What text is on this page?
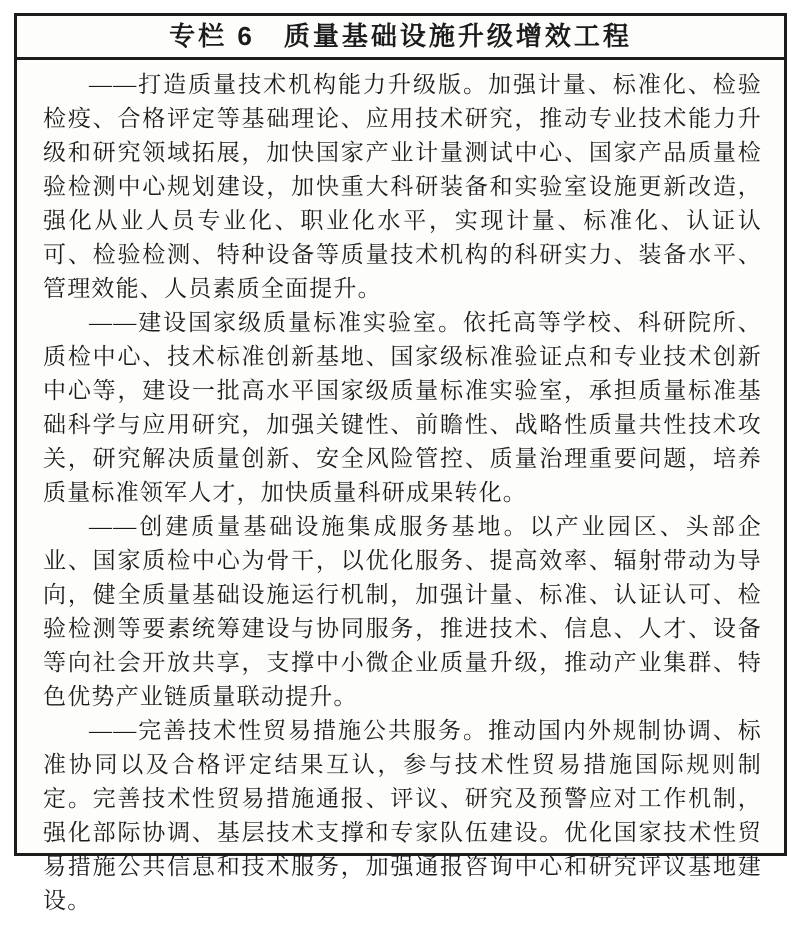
专栏 6　质量基础设施升级增效工程

——打造质量技术机构能力升级版。加强计量、标准化、检验检疫、合格评定等基础理论、应用技术研究，推动专业技术能力升级和研究领域拓展，加快国家产业计量测试中心、国家产品质量检验检测中心规划建设，加快重大科研装备和实验室设施更新改造，强化从业人员专业化、职业化水平，实现计量、标准化、认证认可、检验检测、特种设备等质量技术机构的科研实力、装备水平、管理效能、人员素质全面提升。

——建设国家级质量标准实验室。依托高等学校、科研院所、质检中心、技术标准创新基地、国家级标准验证点和专业技术创新中心等，建设一批高水平国家级质量标准实验室，承担质量标准基础科学与应用研究，加强关键性、前瞻性、战略性质量共性技术攻关，研究解决质量创新、安全风险管控、质量治理重要问题，培养质量标准领军人才，加快质量科研成果转化。

——创建质量基础设施集成服务基地。以产业园区、头部企业、国家质检中心为骨干，以优化服务、提高效率、辐射带动为导向，健全质量基础设施运行机制，加强计量、标准、认证认可、检验检测等要素统筹建设与协同服务，推进技术、信息、人才、设备等向社会开放共享，支撑中小微企业质量升级，推动产业集群、特色优势产业链质量联动提升。

——完善技术性贸易措施公共服务。推动国内外规制协调、标准协同以及合格评定结果互认，参与技术性贸易措施国际规则制定。完善技术性贸易措施通报、评议、研究及预警应对工作机制，强化部际协调、基层技术支撑和专家队伍建设。优化国家技术性贸易措施公共信息和技术服务，加强通报咨询中心和研究评议基地建设。
